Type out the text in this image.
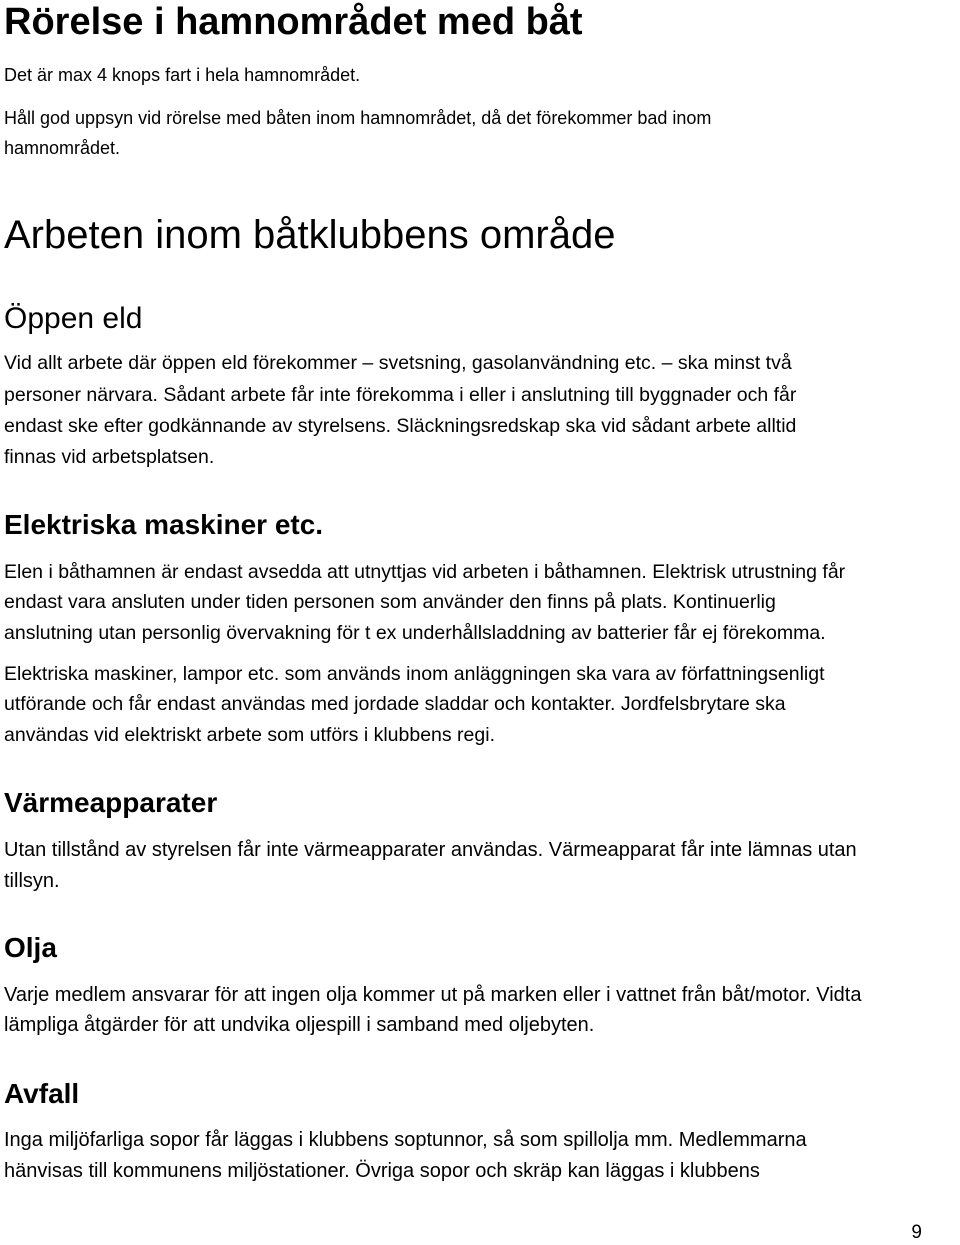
Rörelse i hamnområdet med båt

Det är max 4 knops fart i hela hamnområdet.

Håll god uppsyn vid rörelse med båten inom hamnområdet, då det förekommer bad inom

hamnområdet.

Arbeten inom båtklubbens område
Öppen eld

Vid allt arbete där öppen eld förekommer – svetsning, gasolanvändning etc. – ska minst två

personer närvara. Sådant arbete får inte förekomma i eller i anslutning till byggnader och får

endast ske efter godkännande av styrelsens. Släckningsredskap ska vid sådant arbete alltid

finnas vid arbetsplatsen.

Elektriska maskiner etc.

Elen i båthamnen är endast avsedda att utnyttjas vid arbeten i båthamnen. Elektrisk utrustning får

endast vara ansluten under tiden personen som använder den finns på plats. Kontinuerlig

anslutning utan personlig övervakning för t ex underhållsladdning av batterier får ej förekomma.

Elektriska maskiner, lampor etc. som används inom anläggningen ska vara av författningsenligt

utförande och får endast användas med jordade sladdar och kontakter. Jordfelsbrytare ska

användas vid elektriskt arbete som utförs i klubbens regi.

Värmeapparater

Utan tillstånd av styrelsen får inte värmeapparater användas. Värmeapparat får inte lämnas utan

tillsyn.

Olja

Varje medlem ansvarar för att ingen olja kommer ut på marken eller i vattnet från båt/motor. Vidta

lämpliga åtgärder för att undvika oljespill i samband med oljebyten.

Avfall

Inga miljöfarliga sopor får läggas i klubbens soptunnor, så som spillolja mm. Medlemmarna

hänvisas till kommunens miljöstationer. Övriga sopor och skräp kan läggas i klubbens

9
